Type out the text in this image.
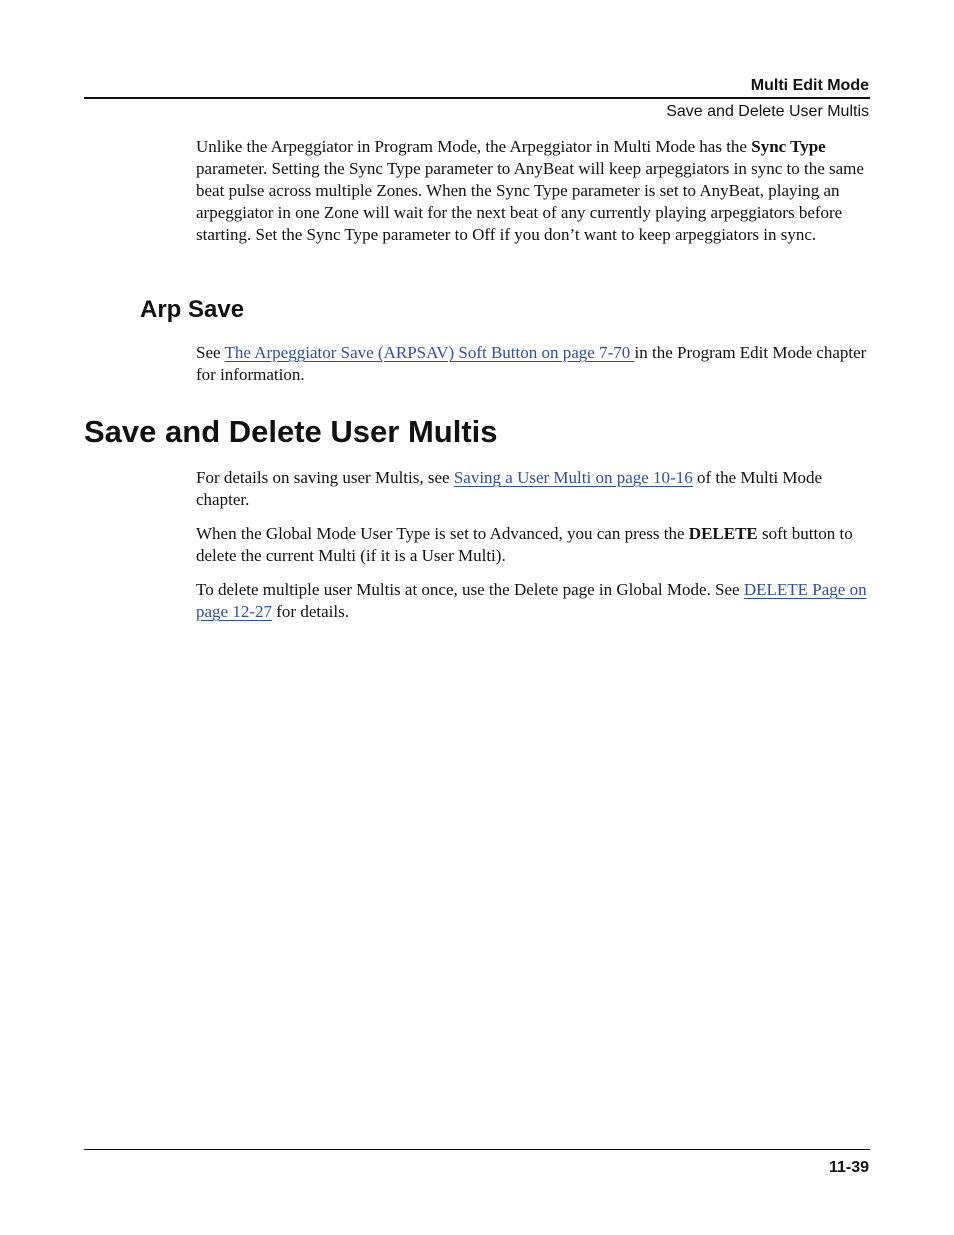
Multi Edit Mode
Save and Delete User Multis

Unlike the Arpeggiator in Program Mode, the Arpeggiator in Multi Mode has the Sync Type parameter. Setting the Sync Type parameter to AnyBeat will keep arpeggiators in sync to the same beat pulse across multiple Zones. When the Sync Type parameter is set to AnyBeat, playing an arpeggiator in one Zone will wait for the next beat of any currently playing arpeggiators before starting. Set the Sync Type parameter to Off if you don’t want to keep arpeggiators in sync.

Arp Save

See The Arpeggiator Save (ARPSAV) Soft Button on page 7-70 in the Program Edit Mode chapter for information.

Save and Delete User Multis

For details on saving user Multis, see Saving a User Multi on page 10-16 of the Multi Mode chapter.

When the Global Mode User Type is set to Advanced, you can press the DELETE soft button to delete the current Multi (if it is a User Multi).

To delete multiple user Multis at once, use the Delete page in Global Mode. See DELETE Page on page 12-27 for details.

11-39
